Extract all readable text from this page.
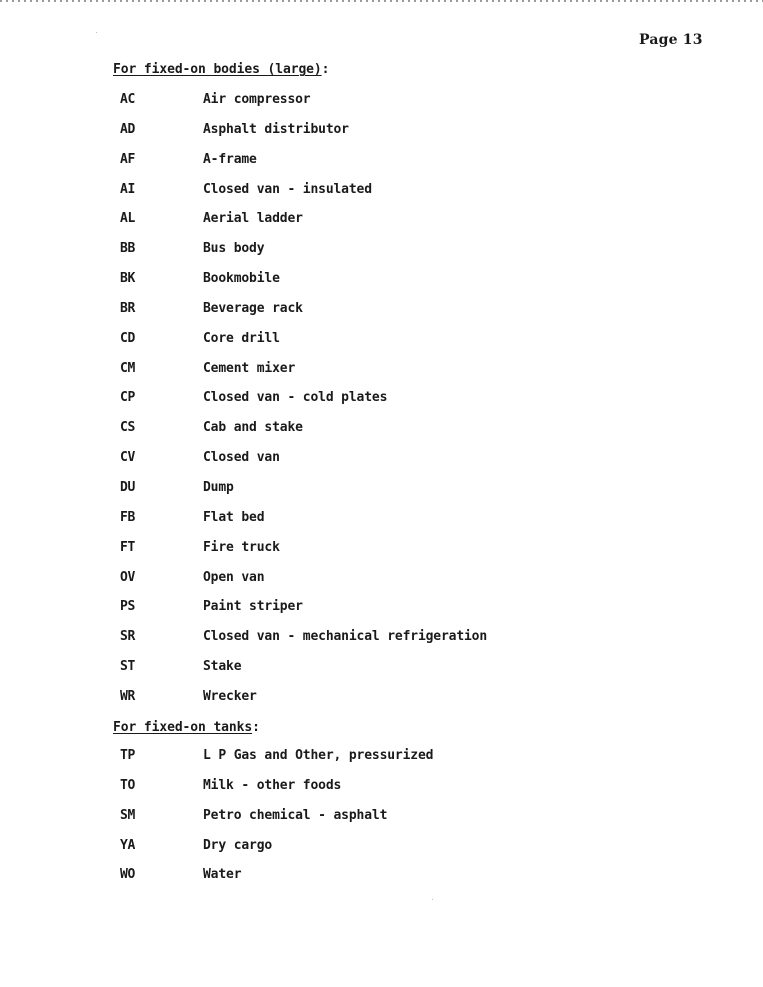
Page 13
For fixed-on bodies (large):
AC	Air compressor
AD	Asphalt distributor
AF	A-frame
AI	Closed van - insulated
AL	Aerial ladder
BB	Bus body
BK	Bookmobile
BR	Beverage rack
CD	Core drill
CM	Cement mixer
CP	Closed van - cold plates
CS	Cab and stake
CV	Closed van
DU	Dump
FB	Flat bed
FT	Fire truck
OV	Open van
PS	Paint striper
SR	Closed van - mechanical refrigeration
ST	Stake
WR	Wrecker
For fixed-on tanks:
TP	L P Gas and Other, pressurized
TO	Milk - other foods
SM	Petro chemical - asphalt
YA	Dry cargo
WO	Water
